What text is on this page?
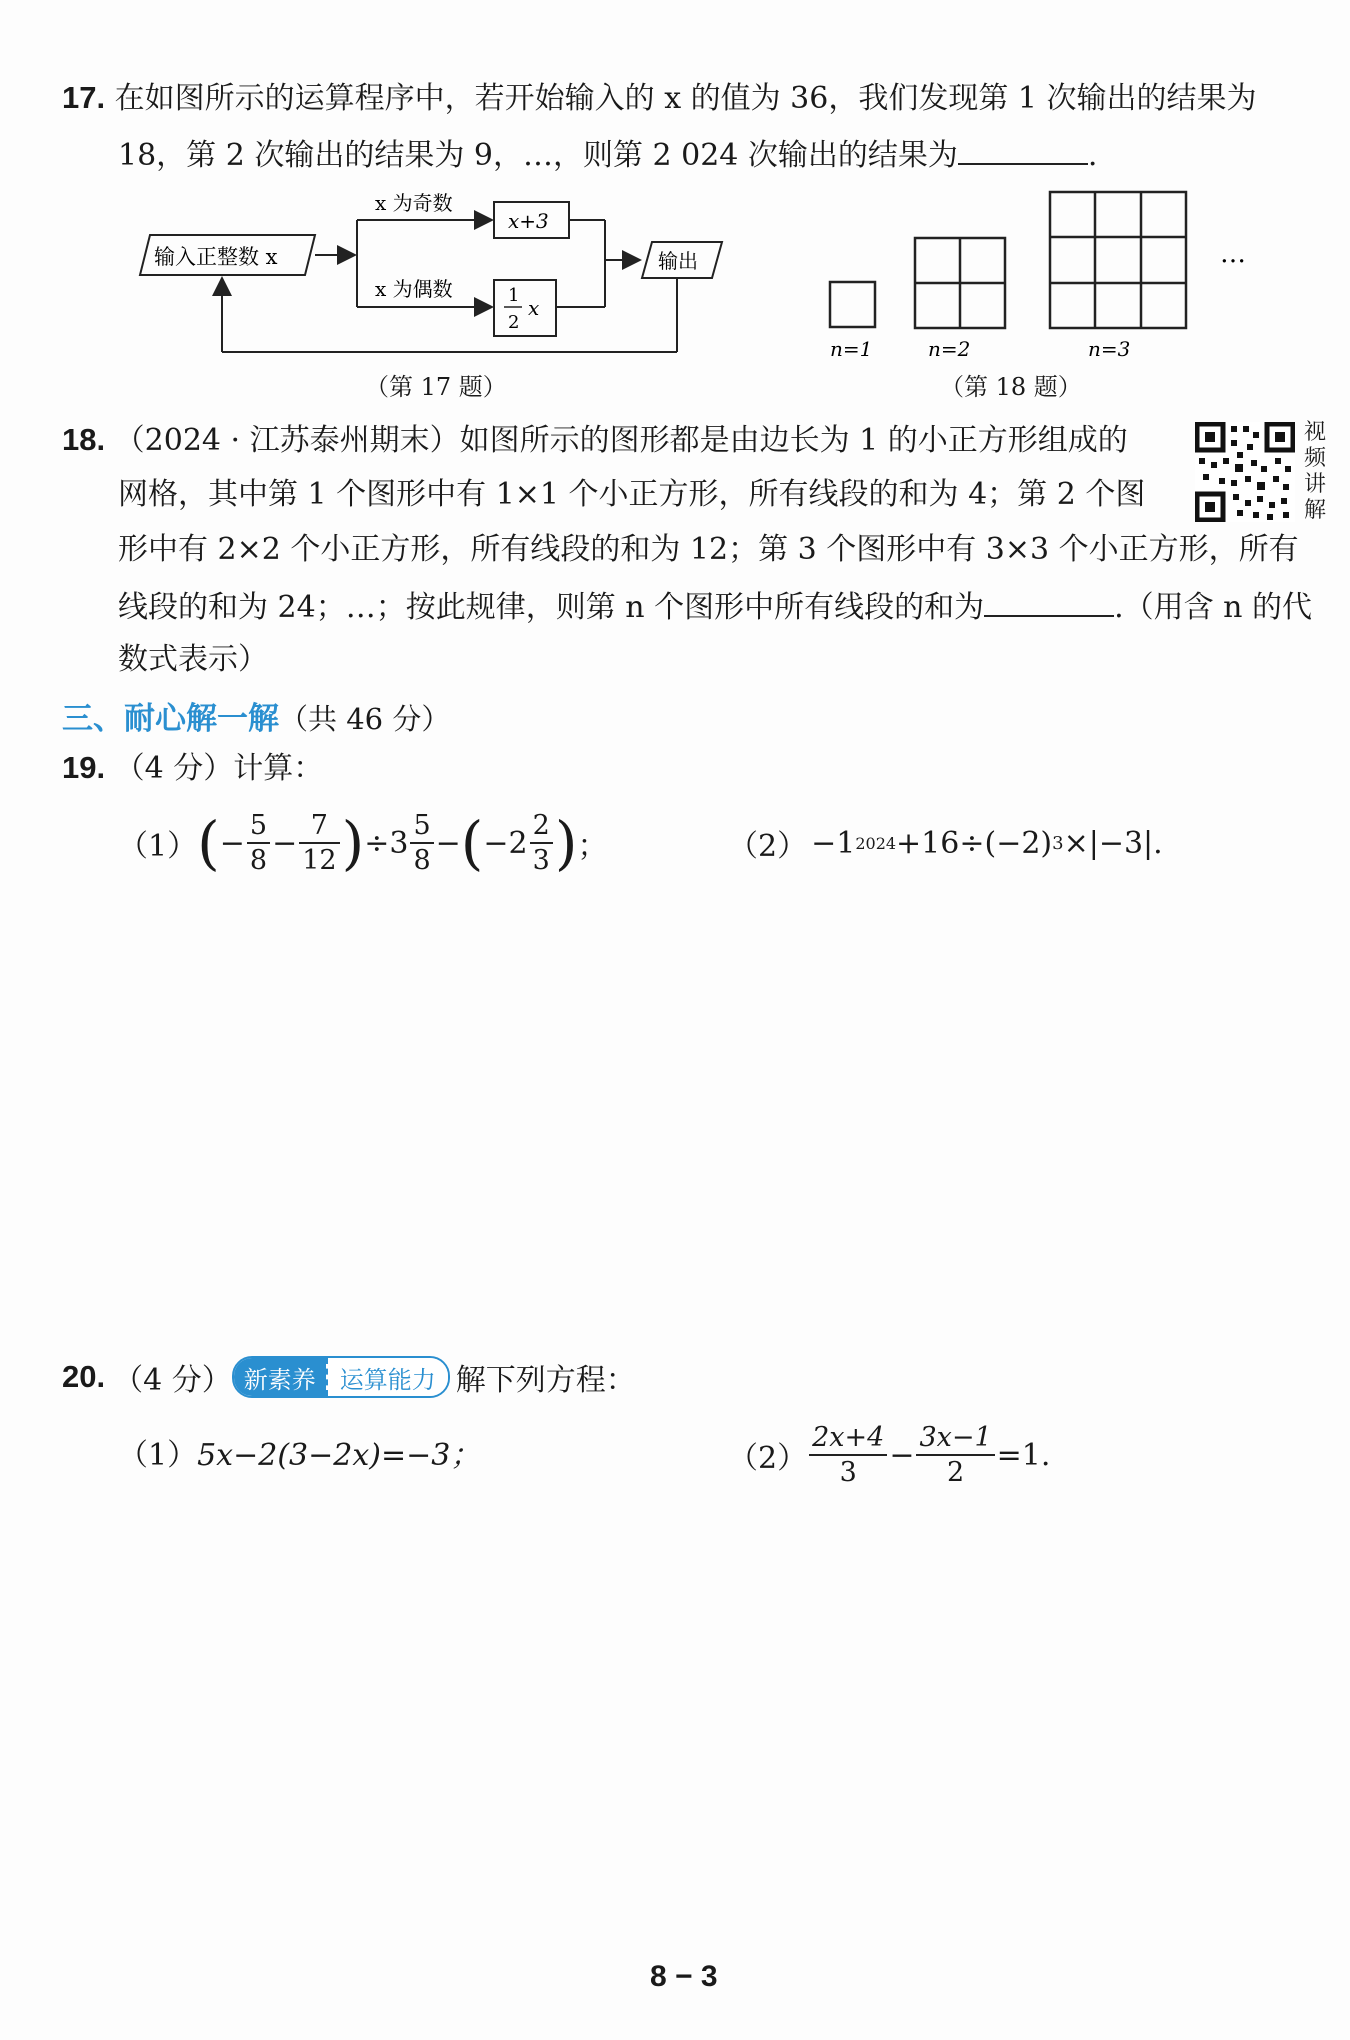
17. 在如图所示的运算程序中，若开始输入的 x 的值为 36，我们发现第 1 次输出的结果为
18，第 2 次输出的结果为 9，…，则第 2 024 次输出的结果为	.
输入正整数 x
x 为奇数
x 为偶数
x+3
1
2
x
输出
（第 17 题）
n=1	n=2	n=3
…
（第 18 题）
18. （2024 · 江苏泰州期末）如图所示的图形都是由边长为 1 的小正方形组成的
网格，其中第 1 个图形中有 1×1 个小正方形，所有线段的和为 4；第 2 个图
形中有 2×2 个小正方形，所有线段的和为 12；第 3 个图形中有 3×3 个小正方形，所有
线段的和为 24；…；按此规律，则第 n 个图形中所有线段的和为	.（用含 n 的代
数式表示）
视频讲解
三、耐心解一解（共 46 分）
19. （4 分）计算：
（1） ( − $\frac{5}{8} - \frac{7}{12}$ ) $\div 3 \frac{5}{8}$ − ( $-2 \frac{2}{3}$ ) ；	（2） −1 2024 +16÷(−2) 3 ×|−3|.
20. （4 分） 新素养	运算能力 解下列方程：
（1）5x−2(3−2x)=−3；	$(2) \frac{2x+4}{3} - \frac{3x-1}{2} =1$.
8 − 3
